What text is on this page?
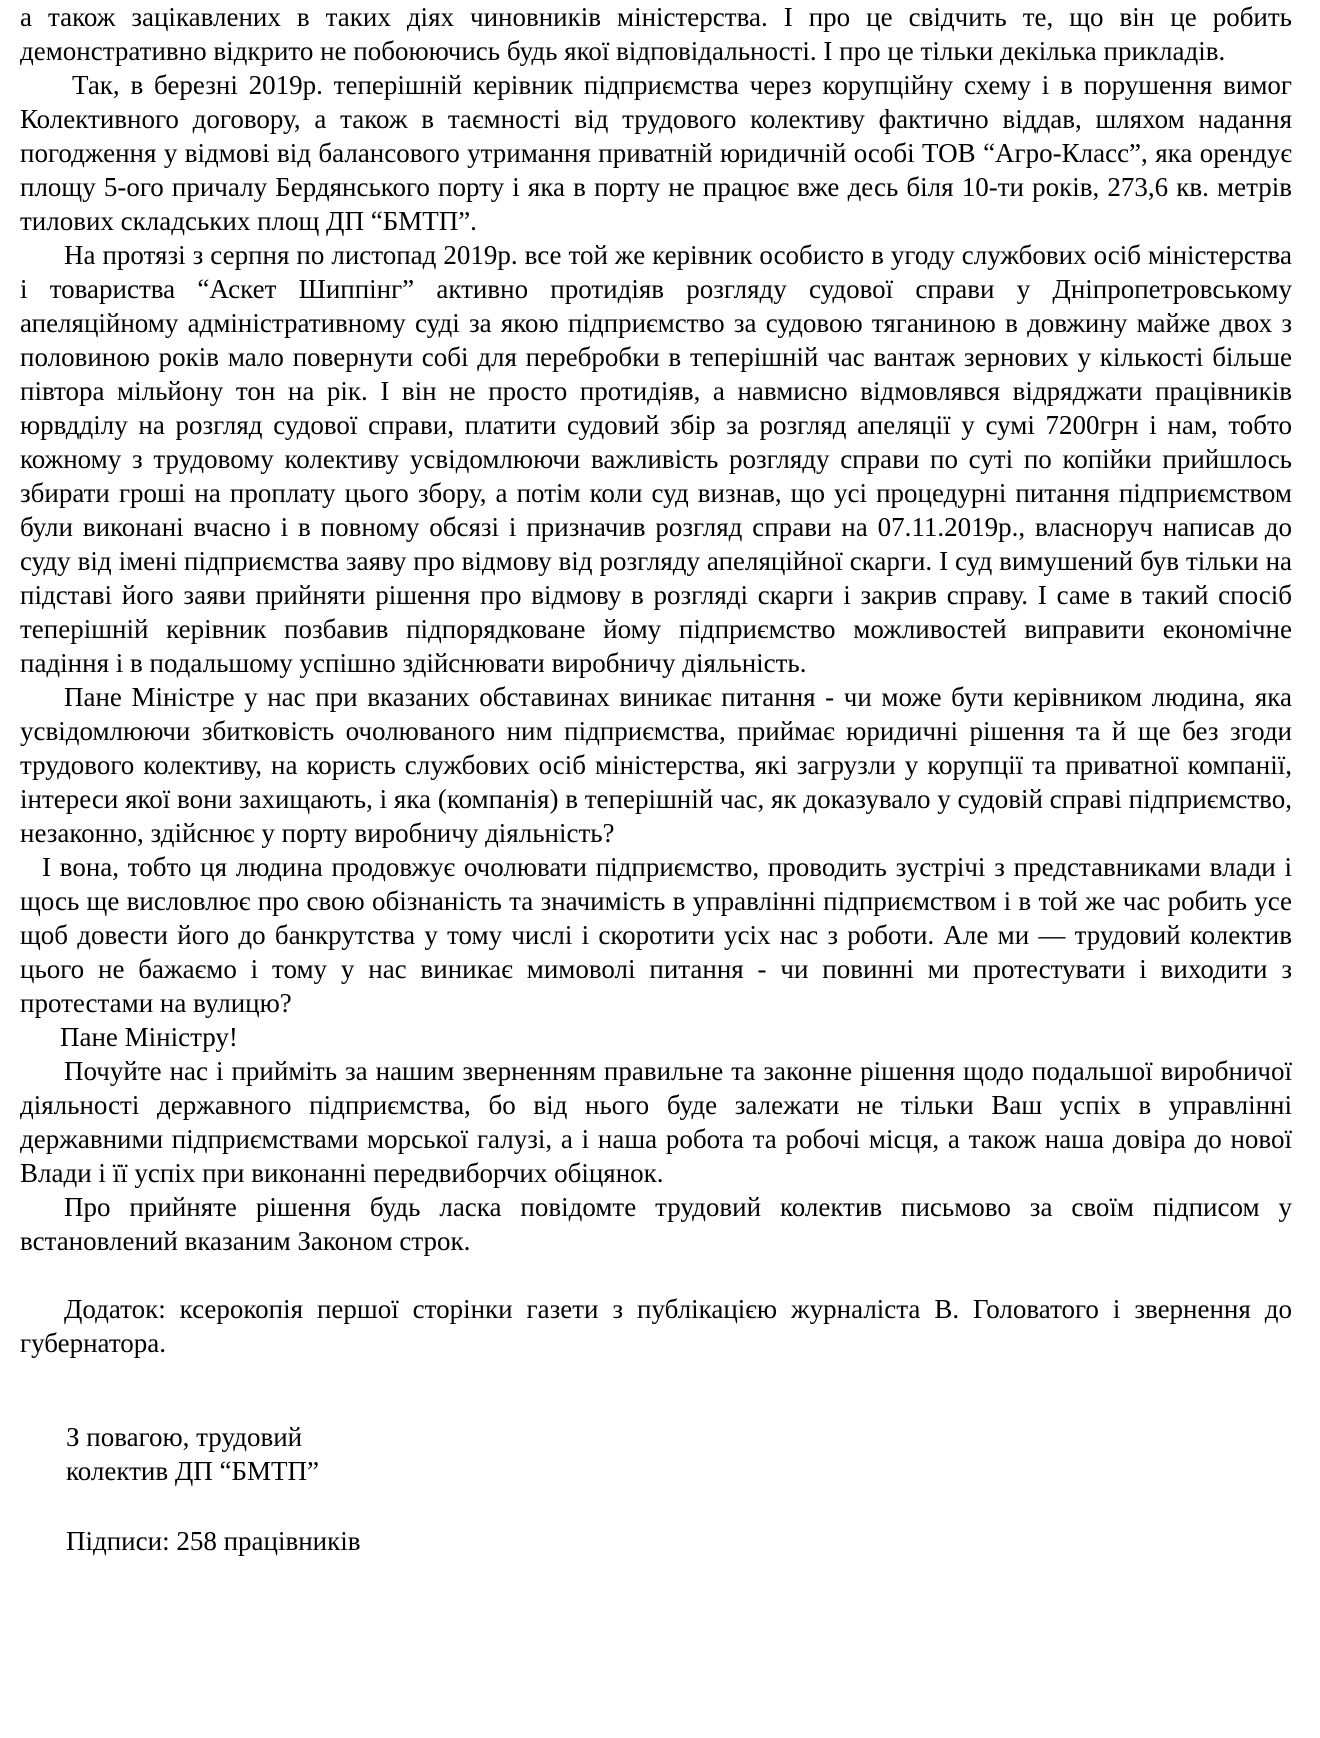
а також зацікавлених в таких діях чиновників міністерства. І про це свідчить те, що він це робить демонстративно відкрито не побоюючись будь якої відповідальності. І про це тільки декілька прикладів.

Так, в березні 2019р. теперішній керівник підприємства через корупційну схему і в порушення вимог Колективного договору, а також в таємності від трудового колективу фактично віддав, шляхом надання погодження у відмові від балансового утримання приватній юридичній особі ТОВ “Агро-Класс”, яка орендує площу 5-ого причалу Бердянського порту і яка в порту не працює вже десь біля 10-ти років, 273,6 кв. метрів тилових складських площ ДП “БМТП”.

На протязі з серпня по листопад 2019р. все той же керівник особисто в угоду службових осіб міністерства і товариства “Аскет Шиппінг” активно протидіяв розгляду судової справи у Дніпропетровському апеляційному адміністративному суді за якою підприємство за судовою тяганиною в довжину майже двох з половиною років мало повернути собі для перебробки в теперішній час вантаж зернових у кількості більше півтора мільйону тон на рік. І він не просто протидіяв, а навмисно відмовлявся відряджати працівників юрвдділу на розгляд судової справи, платити судовий збір за розгляд апеляції у сумі 7200грн і нам, тобто кожному з трудовому колективу усвідомлюючи важливість розгляду справи по суті по копійки прийшлось збирати гроші на проплату цього збору, а потім коли суд визнав, що усі процедурні питання підприємством були виконані вчасно і в повному обсязі і призначив розгляд справи на 07.11.2019р., власноруч написав до суду від імені підприємства заяву про відмову від розгляду апеляційної скарги. І суд вимушений був тільки на підставі його заяви прийняти рішення про відмову в розгляді скарги і закрив справу. І саме в такий спосіб теперішній керівник позбавив підпорядковане йому підприємство можливостей виправити економічне падіння і в подальшому успішно здійснювати виробничу діяльність.

Пане Міністре у нас при вказаних обставинах виникає питання - чи може бути керівником людина, яка усвідомлюючи збитковість очолюваного ним підприємства, приймає юридичні рішення та й ще без згоди трудового колективу, на користь службових осіб міністерства, які загрузли у корупції та приватної компанії, інтереси якої вони захищають, і яка (компанія) в теперішній час, як доказувало у судовій справі підприємство, незаконно, здійснює у порту виробничу діяльність?

І вона, тобто ця людина продовжує очолювати підприємство, проводить зустрічі з представниками влади і щось ще висловлює про свою обізнаність та значимість в управлінні підприємством і в той же час робить усе щоб довести його до банкрутства у тому числі і скоротити усіх нас з роботи. Але ми — трудовий колектив цього не бажаємо і тому у нас виникає мимоволі питання - чи повинні ми протестувати і виходити з протестами на вулицю?

Пане Міністру!

Почуйте нас і прийміть за нашим зверненням правильне та законне рішення щодо подальшої виробничої діяльності державного підприємства, бо від нього буде залежати не тільки Ваш успіх в управлінні державними підприємствами морської галузі, а і наша робота та робочі місця, а також наша довіра до нової Влади і її успіх при виконанні передвиборчих обіцянок.

Про прийняте рішення будь ласка повідомте трудовий колектив письмово за своїм підписом у встановлений вказаним Законом строк.

Додаток: ксерокопія першої сторінки газети з публікацією журналіста В. Головатого і звернення до губернатора.

З повагою, трудовий
колектив ДП “БМТП”
Підписи: 258 працівників
